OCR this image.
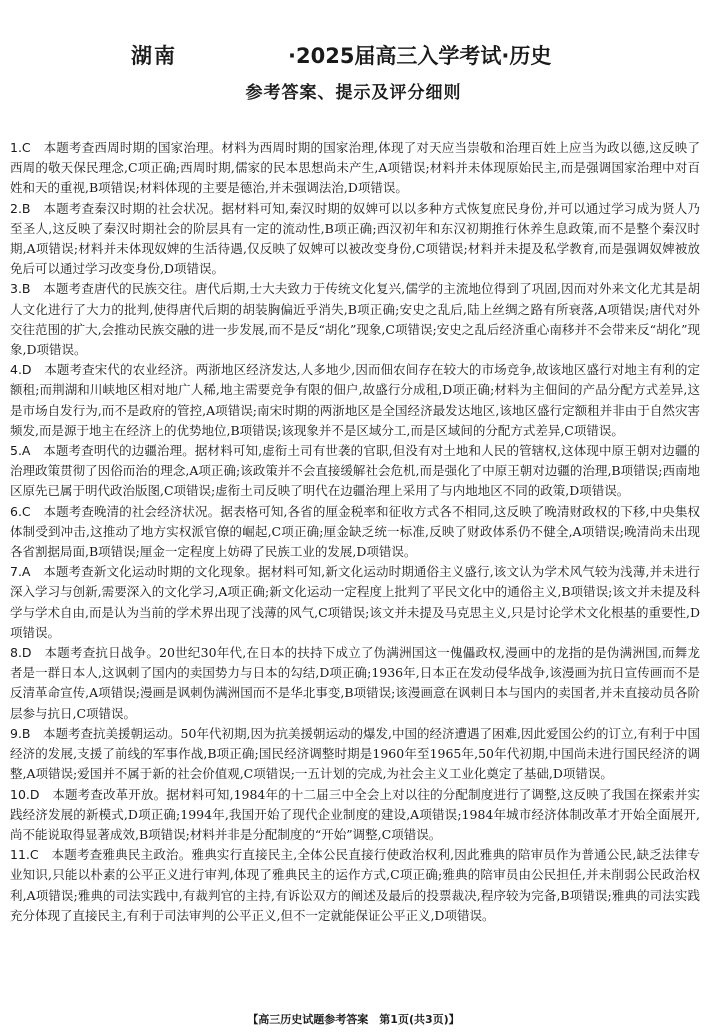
湖南	·2025届高三入学考试·历史
参考答案、提示及评分细则

1.C　 本题考查西周时期的国家治理。材料为西周时期的国家治理,体现了对天应当崇敬和治理百姓上应当为政以德,这反映了西周的敬天保民理念,C项正确;西周时期,儒家的民本思想尚未产生,A项错误;材料并未体现原始民主,而是强调国家治理中对百姓和天的重视,B项错误;材料体现的主要是德治,并未强调法治,D项错误。

2.B　 本题考查秦汉时期的社会状况。据材料可知,秦汉时期的奴婢可以以多种方式恢复庶民身份,并可以通过学习成为贤人乃至圣人,这反映了秦汉时期社会的阶层具有一定的流动性,B项正确;西汉初年和东汉初期推行休养生息政策,而不是整个秦汉时期,A项错误;材料并未体现奴婢的生活待遇,仅反映了奴婢可以被改变身份,C项错误;材料并未提及私学教育,而是强调奴婢被放免后可以通过学习改变身份,D项错误。

3.B　 本题考查唐代的民族交往。唐代后期,士大夫致力于传统文化复兴,儒学的主流地位得到了巩固,因而对外来文化尤其是胡人文化进行了大力的批判,使得唐代后期的胡装胸偏近乎消失,B项正确;安史之乱后,陆上丝绸之路有所衰落,A项错误;唐代对外交往范围的扩大,会推动民族交融的进一步发展,而不是反“胡化”现象,C项错误;安史之乱后经济重心南移并不会带来反“胡化”现象,D项错误。

4.D　 本题考查宋代的农业经济。两浙地区经济发达,人多地少,因而佃农间存在较大的市场竞争,故该地区盛行对地主有利的定额租;而荆湖和川峡地区相对地广人稀,地主需要竞争有限的佃户,故盛行分成租,D项正确;材料为主佃间的产品分配方式差异,这是市场自发行为,而不是政府的管控,A项错误;南宋时期的两浙地区是全国经济最发达地区,该地区盛行定额租并非由于自然灾害频发,而是源于地主在经济上的优势地位,B项错误;该现象并不是区域分工,而是区域间的分配方式差异,C项错误。

5.A　 本题考查明代的边疆治理。据材料可知,虚衔土司有世袭的官职,但没有对土地和人民的管辖权,这体现中原王朝对边疆的治理政策贯彻了因俗而治的理念,A项正确;该政策并不会直接缓解社会危机,而是强化了中原王朝对边疆的治理,B项错误;西南地区原先已属于明代政治版图,C项错误;虚衔土司反映了明代在边疆治理上采用了与内地地区不同的政策,D项错误。

6.C　 本题考查晚清的社会经济状况。据表格可知,各省的厘金税率和征收方式各不相同,这反映了晚清财政权的下移,中央集权体制受到冲击,这推动了地方实权派官僚的崛起,C项正确;厘金缺乏统一标准,反映了财政体系仍不健全,A项错误;晚清尚未出现各省割据局面,B项错误;厘金一定程度上妨碍了民族工业的发展,D项错误。

7.A　 本题考查新文化运动时期的文化现象。据材料可知,新文化运动时期通俗主义盛行,该文认为学术风气较为浅薄,并未进行深入学习与创新,需要深入的文化学习,A项正确;新文化运动一定程度上批判了平民文化中的通俗主义,B项错误;该文并未提及科学与学术自由,而是认为当前的学术界出现了浅薄的风气,C项错误;该文并未提及马克思主义,只是讨论学术文化根基的重要性,D项错误。

8.D　 本题考查抗日战争。20世纪30年代,在日本的扶持下成立了伪满洲国这一傀儡政权,漫画中的龙指的是伪满洲国,而舞龙者是一群日本人,这讽刺了国内的卖国势力与日本的勾结,D项正确;1936年,日本正在发动侵华战争,该漫画为抗日宣传画而不是反清革命宣传,A项错误;漫画是讽刺伪满洲国而不是华北事变,B项错误;该漫画意在讽刺日本与国内的卖国者,并未直接动员各阶层参与抗日,C项错误。

9.B　 本题考查抗美援朝运动。50年代初期,因为抗美援朝运动的爆发,中国的经济遭遇了困难,因此爱国公约的订立,有利于中国经济的发展,支援了前线的军事作战,B项正确;国民经济调整时期是1960年至1965年,50年代初期,中国尚未进行国民经济的调整,A项错误;爱国并不属于新的社会价值观,C项错误;一五计划的完成,为社会主义工业化奠定了基础,D项错误。

10.D　 本题考查改革开放。据材料可知,1984年的十二届三中全会上对以往的分配制度进行了调整,这反映了我国在探索并实践经济发展的新模式,D项正确;1994年,我国开始了现代企业制度的建设,A项错误;1984年城市经济体制改革才开始全面展开,尚不能说取得显著成效,B项错误;材料并非是分配制度的“开始”调整,C项错误。

11.C　 本题考查雅典民主政治。雅典实行直接民主,全体公民直接行使政治权利,因此雅典的陪审员作为普通公民,缺乏法律专业知识,只能以朴素的公平正义进行审判,体现了雅典民主的运作方式,C项正确;雅典的陪审员由公民担任,并未削弱公民政治权利,A项错误;雅典的司法实践中,有裁判官的主持,有诉讼双方的阐述及最后的投票裁决,程序较为完备,B项错误;雅典的司法实践充分体现了直接民主,有利于司法审判的公平正义,但不一定就能保证公平正义,D项错误。

【高三历史试题参考答案　第1页(共3页)】
